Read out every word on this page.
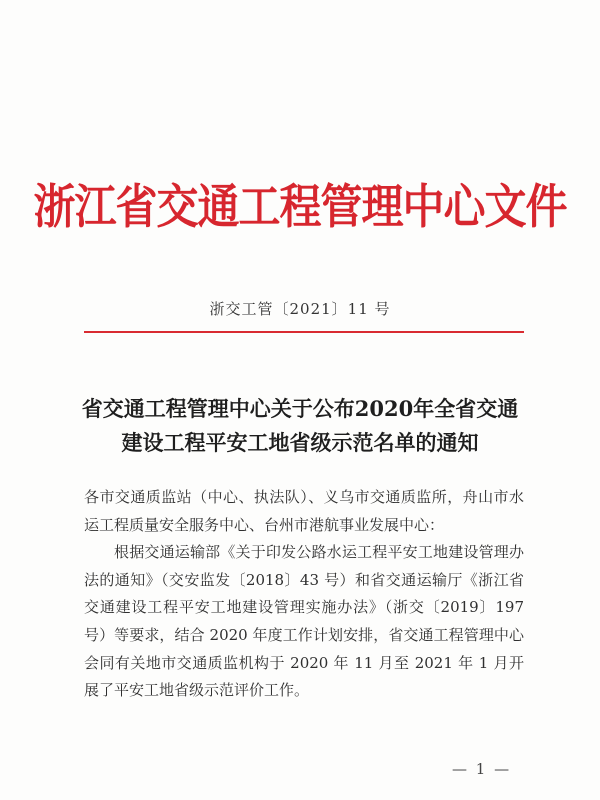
浙江省交通工程管理中心文件
浙交工管〔2021〕11 号
省交通工程管理中心关于公布2020年全省交通
建设工程平安工地省级示范名单的通知

各市交通质监站（中心、执法队）、义乌市交通质监所，舟山市水运工程质量安全服务中心、台州市港航事业发展中心：

根据交通运输部《关于印发公路水运工程平安工地建设管理办法的通知》（交安监发〔2018〕43 号）和省交通运输厅《浙江省交通建设工程平安工地建设管理实施办法》（浙交〔2019〕197 号）等要求，结合 2020 年度工作计划安排，省交通工程管理中心会同有关地市交通质监机构于 2020 年 11 月至 2021 年 1 月开展了平安工地省级示范评价工作。

— 1 —
